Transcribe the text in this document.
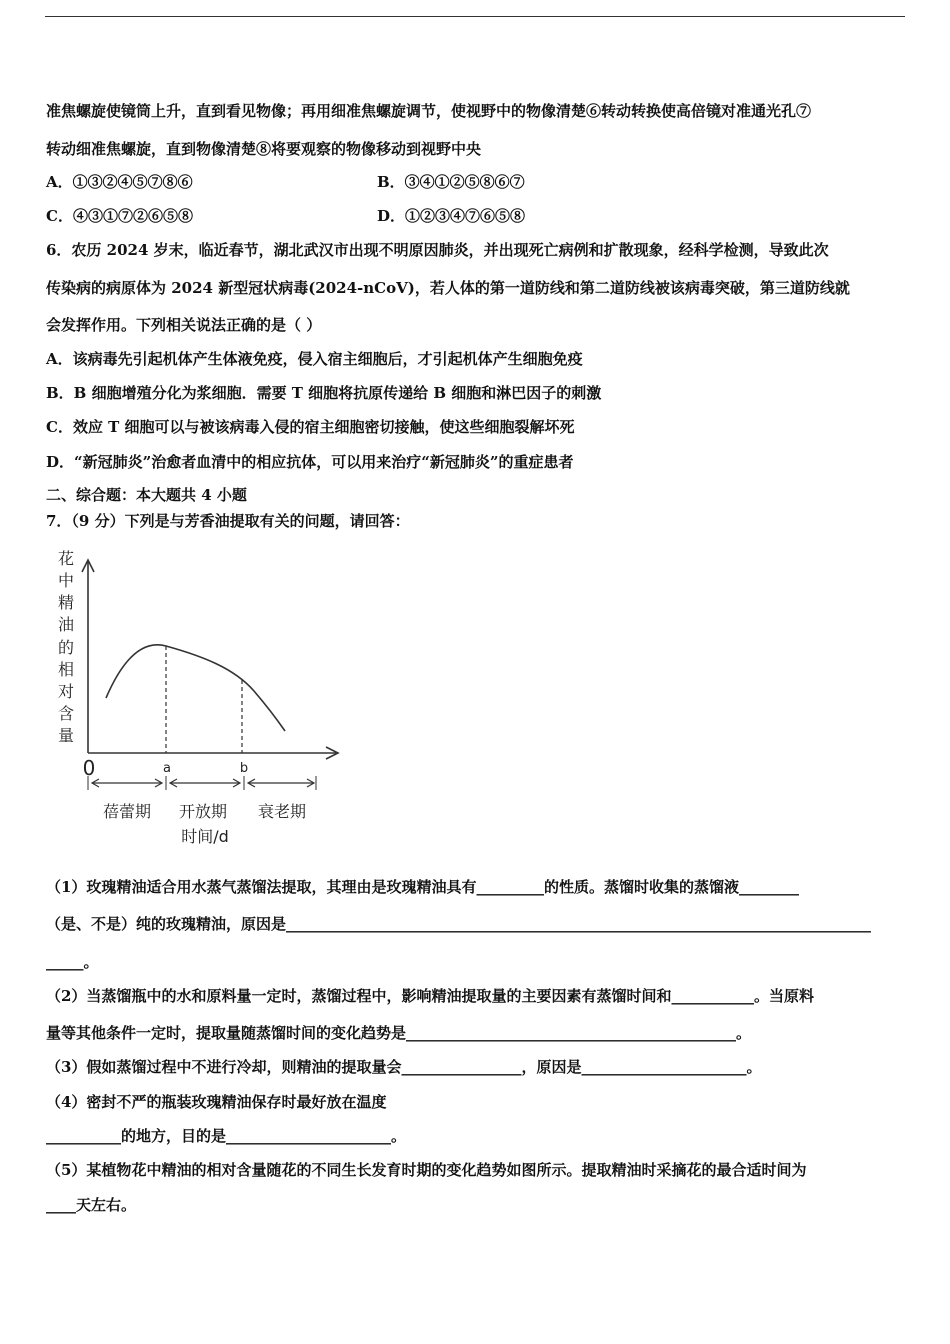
准焦螺旋使镜筒上升，直到看见物像；再用细准焦螺旋调节，使视野中的物像清楚⑥转动转换使高倍镜对准通光孔⑦
转动细准焦螺旋，直到物像清楚⑧将要观察的物像移动到视野中央
A．①③②④⑤⑦⑧⑥	B．③④①②⑤⑧⑥⑦
C．④③①⑦②⑥⑤⑧	D．①②③④⑦⑥⑤⑧
6．农历 2024 岁末，临近春节，湖北武汉市出现不明原因肺炎，并出现死亡病例和扩散现象，经科学检测，导致此次
传染病的病原体为 2024 新型冠状病毒(2024-nCoV)，若人体的第一道防线和第二道防线被该病毒突破，第三道防线就
会发挥作用。下列相关说法正确的是（ ）
A．该病毒先引起机体产生体液免疫，侵入宿主细胞后，才引起机体产生细胞免疫
B．B 细胞增殖分化为浆细胞．需要 T 细胞将抗原传递给 B 细胞和淋巴因子的刺激
C．效应 T 细胞可以与被该病毒入侵的宿主细胞密切接触，使这些细胞裂解坏死
D．“新冠肺炎”治愈者血清中的相应抗体，可以用来治疗“新冠肺炎”的重症患者
二、综合题：本大题共 4 小题
7．（9 分）下列是与芳香油提取有关的问题，请回答：
花
中
精
油
的
相
对
含
量
0	a	b
蓓蕾期 开放期 衰老期
时间/d
（1）玫瑰精油适合用水蒸气蒸馏法提取，其理由是玫瑰精油具有_________的性质。蒸馏时收集的蒸馏液________
（是、不是）纯的玫瑰精油，原因是______________________________________________________________________________
_____。
（2）当蒸馏瓶中的水和原料量一定时，蒸馏过程中，影响精油提取量的主要因素有蒸馏时间和___________。当原料
量等其他条件一定时，提取量随蒸馏时间的变化趋势是____________________________________________。
（3）假如蒸馏过程中不进行冷却，则精油的提取量会________________，原因是______________________。
（4）密封不严的瓶装玫瑰精油保存时最好放在温度
__________的地方，目的是______________________。
（5）某植物花中精油的相对含量随花的不同生长发育时期的变化趋势如图所示。提取精油时采摘花的最合适时间为
____天左右。
